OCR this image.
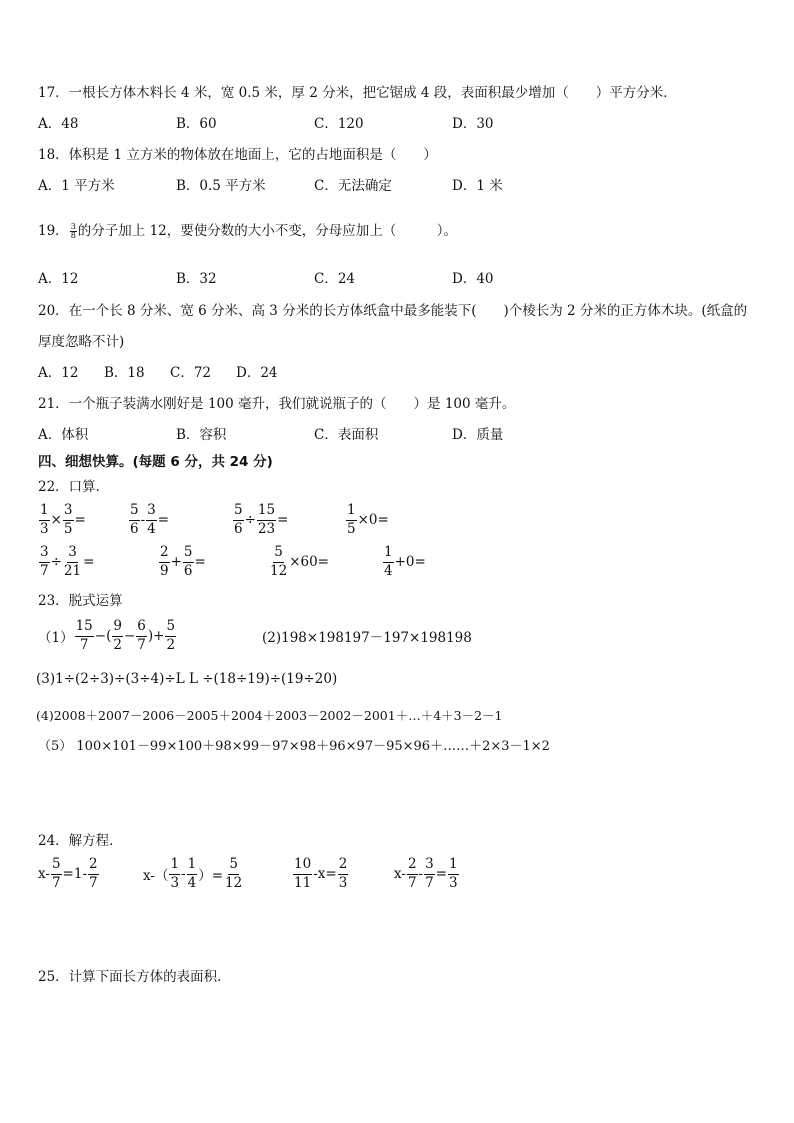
17．一根长方体木料长 4 米，宽 0.5 米，厚 2 分米，把它锯成 4 段，表面积最少增加（　　）平方分米．
A．48	B．60	C．120	D．30
18．体积是 1 立方米的物体放在地面上，它的占地面积是（　　）
A．1 平方米	B．0.5 平方米	C．无法确定	D．1 米
19． $\frac{3}{8}$ 的分子加上 12，要使分数的大小不变，分母应加上（　　　）。
A．12	B．32	C．24	D．40
20．在一个长 8 分米、宽 6 分米、高 3 分米的长方体纸盒中最多能装下(　　)个棱长为 2 分米的正方体木块。(纸盒的
厚度忽略不计)
A．12 B．18 C．72 D．24
21．一个瓶子装满水刚好是 100 毫升，我们就说瓶子的（　　）是 100 毫升。
A．体积	B．容积	C．表面积	D．质量
四、细想快算。(每题 6 分，共 24 分)
22．口算．
$\frac{1}{3} \times \frac{3}{5}$ =	$\frac{5}{6} - \frac{3}{4}$ =	$\frac{5}{6} \div \frac{15}{23}$ =	$\frac{1}{5} \times 0=$
$\frac{3}{7} \div \frac{3}{21}$ =	$\frac{2}{9} + \frac{5}{6}$ =	$\frac{5}{12} \times 60=$	$\frac{1}{4} +0=$
23．脱式运算
$(1) \frac{15}{7}$ −( $\frac{9}{2} - \frac{6}{7}$ )+ $\frac{5}{2}$	(2)198×198197－197×198198
(3)1÷(2÷3)÷(3÷4)÷L L ÷(18÷19)÷(19÷20)
(4)2008＋2007－2006－2005＋2004＋2003－2002－2001＋…＋4＋3－2－1
（5） 100×101－99×100＋98×99－97×98＋96×97－95×96＋……＋2×3－1×2
24．解方程．
$x- \frac{5}{7} =1- \frac{2}{7}$	$x-( \frac{1}{3} - \frac{1}{4}$ ）= $\frac{5}{12}$	$\frac{10}{11} -x= \frac{2}{3}$	$x- \frac{2}{7} - \frac{3}{7} = \frac{1}{3}$
25．计算下面长方体的表面积．
